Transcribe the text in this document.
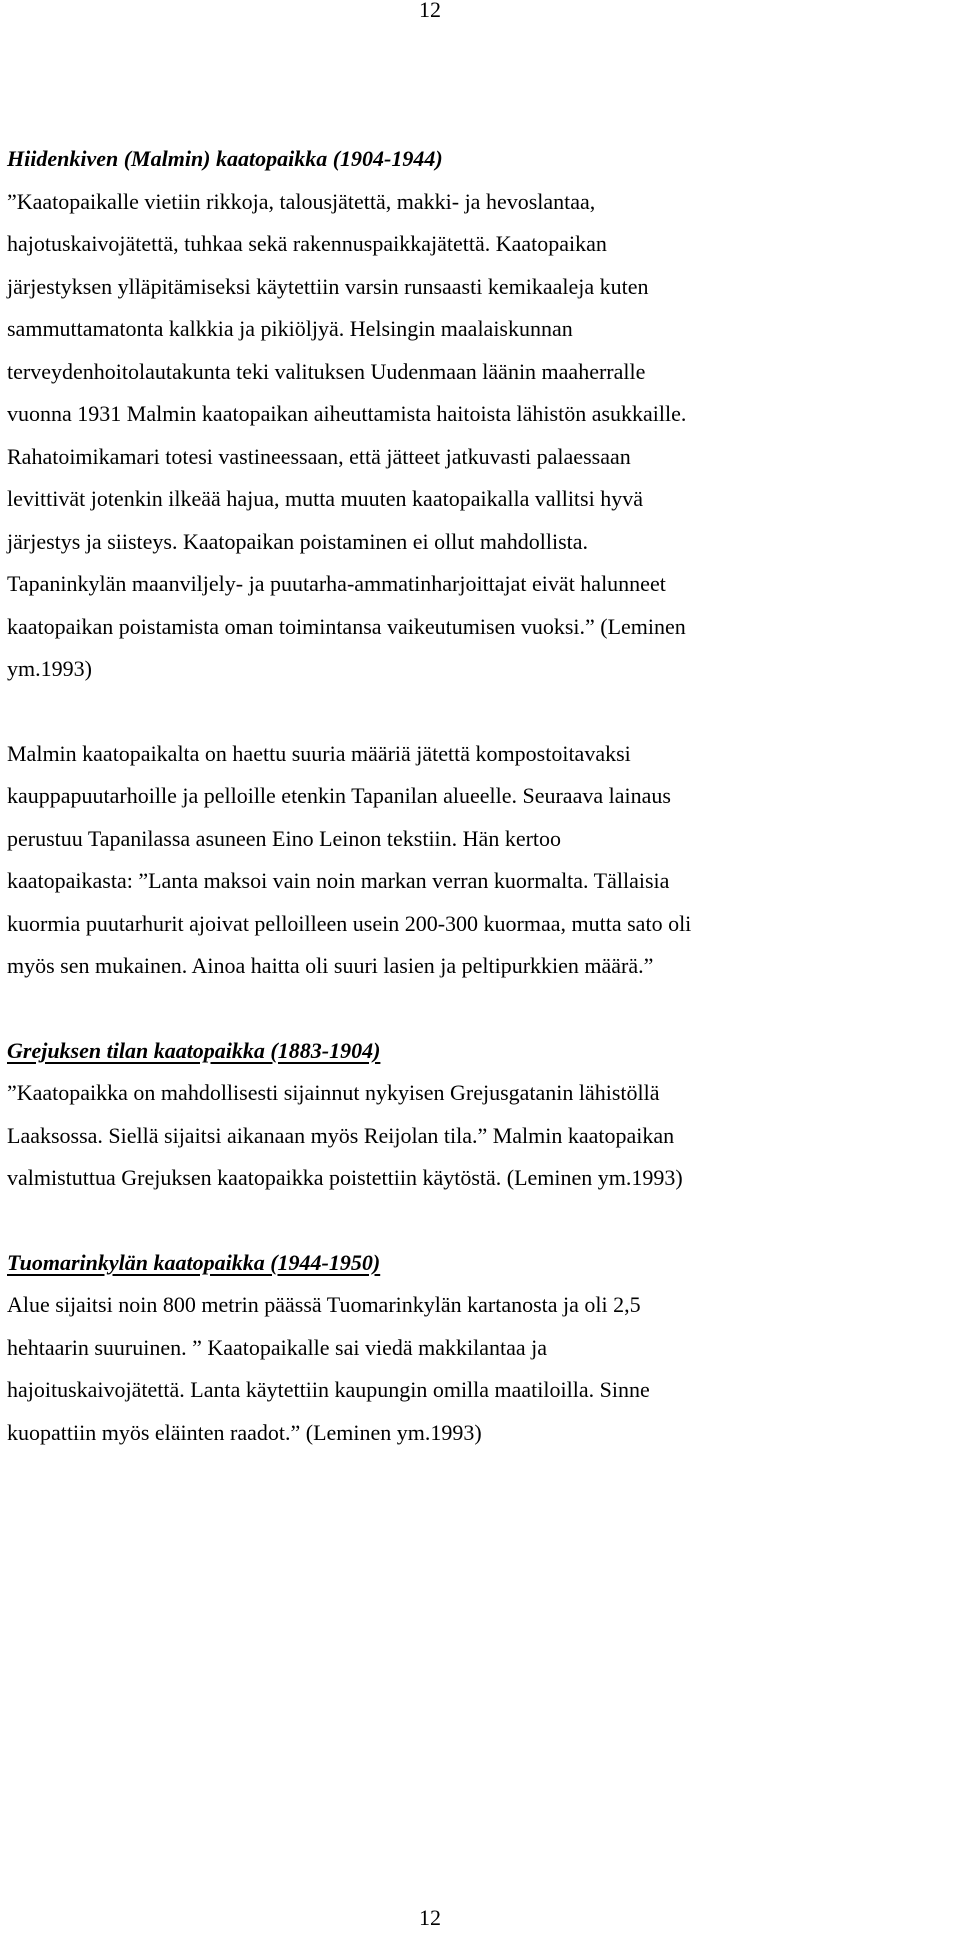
12

Hiidenkiven (Malmin) kaatopaikka (1904-1944)

”Kaatopaikalle vietiin rikkoja, talousjätettä, makki- ja hevoslantaa,
hajotuskaivojätettä, tuhkaa sekä rakennuspaikkajätettä. Kaatopaikan
järjestyksen ylläpitämiseksi käytettiin varsin runsaasti kemikaaleja kuten
sammuttamatonta kalkkia ja pikiöljyä. Helsingin maalaiskunnan
terveydenhoitolautakunta teki valituksen Uudenmaan läänin maaherralle
vuonna 1931 Malmin kaatopaikan aiheuttamista haitoista lähistön asukkaille.
Rahatoimikamari totesi vastineessaan, että jätteet jatkuvasti palaessaan
levittivät jotenkin ilkeää hajua, mutta muuten kaatopaikalla vallitsi hyvä
järjestys ja siisteys. Kaatopaikan poistaminen ei ollut mahdollista.
Tapaninkylän maanviljely- ja puutarha-ammatinharjoittajat eivät halunneet
kaatopaikan poistamista oman toimintansa vaikeutumisen vuoksi.” (Leminen
ym.1993)
Malmin kaatopaikalta on haettu suuria määriä jätettä kompostoitavaksi
kauppapuutarhoille ja pelloille etenkin Tapanilan alueelle. Seuraava lainaus
perustuu Tapanilassa asuneen Eino Leinon tekstiin. Hän kertoo
kaatopaikasta: ”Lanta maksoi vain noin markan verran kuormalta. Tällaisia
kuormia puutarhurit ajoivat pelloilleen usein 200-300 kuormaa, mutta sato oli
myös sen mukainen. Ainoa haitta oli suuri lasien ja peltipurkkien määrä.”

Grejuksen tilan kaatopaikka (1883-1904)

”Kaatopaikka on mahdollisesti sijainnut nykyisen Grejusgatanin lähistöllä
Laaksossa. Siellä sijaitsi aikanaan myös Reijolan tila.” Malmin kaatopaikan
valmistuttua Grejuksen kaatopaikka poistettiin käytöstä. (Leminen ym.1993)

Tuomarinkylän kaatopaikka (1944-1950)

Alue sijaitsi noin 800 metrin päässä Tuomarinkylän kartanosta ja oli 2,5
hehtaarin suuruinen. ” Kaatopaikalle sai viedä makkilantaa ja
hajoituskaivojätettä. Lanta käytettiin kaupungin omilla maatiloilla. Sinne
kuopattiin myös eläinten raadot.” (Leminen ym.1993)
12
